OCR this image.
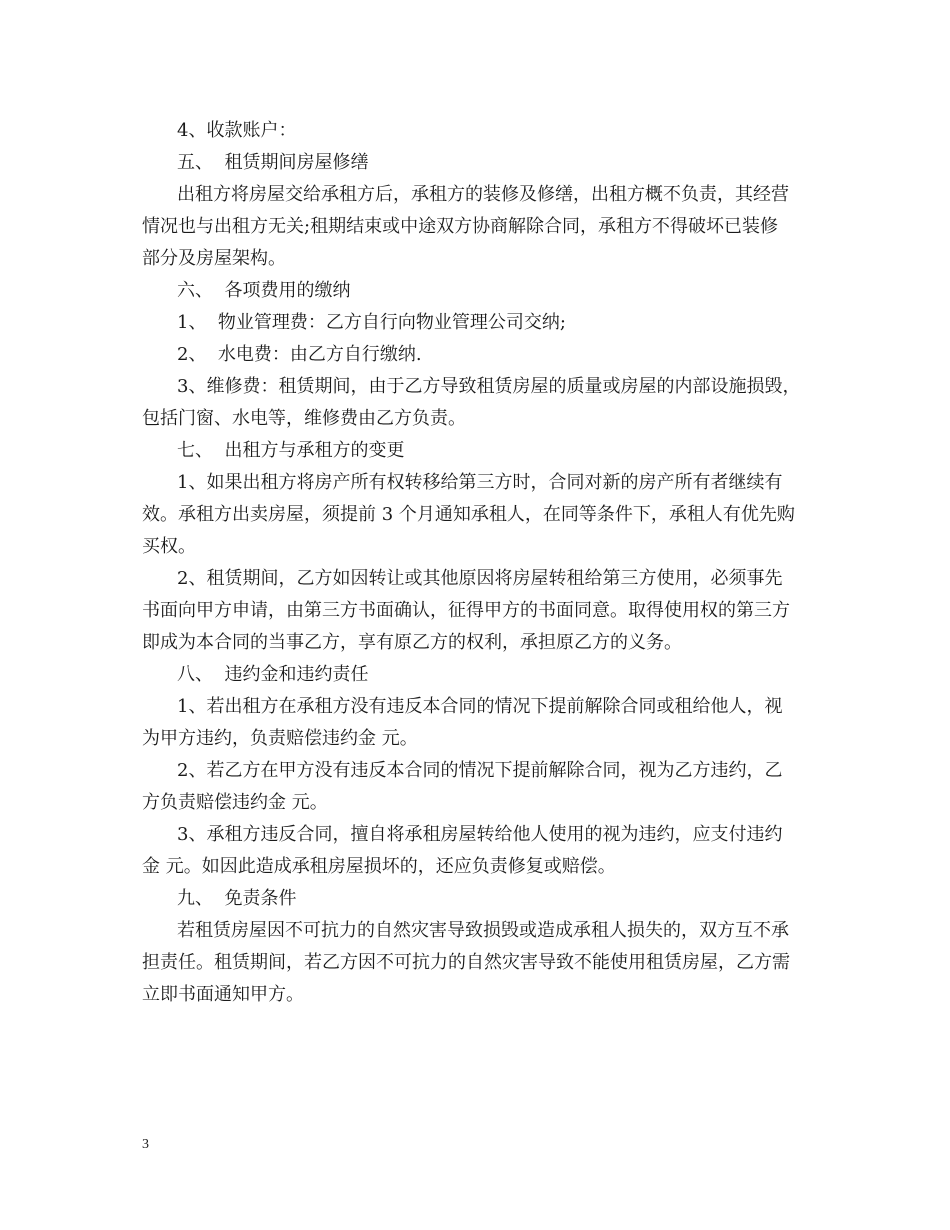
4、收款账户：
五、  租赁期间房屋修缮
出租方将房屋交给承租方后，承租方的装修及修缮，出租方概不负责，其经营
情况也与出租方无关;租期结束或中途双方协商解除合同，承租方不得破坏已装修
部分及房屋架构。
六、  各项费用的缴纳
1、  物业管理费：乙方自行向物业管理公司交纳;
2、  水电费：由乙方自行缴纳.
3、维修费：租赁期间，由于乙方导致租赁房屋的质量或房屋的内部设施损毁，
包括门窗、水电等，维修费由乙方负责。
七、  出租方与承租方的变更
1、如果出租方将房产所有权转移给第三方时，合同对新的房产所有者继续有
效。承租方出卖房屋，须提前 3 个月通知承租人，在同等条件下，承租人有优先购
买权。
2、租赁期间，乙方如因转让或其他原因将房屋转租给第三方使用，必须事先
书面向甲方申请，由第三方书面确认，征得甲方的书面同意。取得使用权的第三方
即成为本合同的当事乙方，享有原乙方的权利，承担原乙方的义务。
八、  违约金和违约责任
1、若出租方在承租方没有违反本合同的情况下提前解除合同或租给他人，视
为甲方违约，负责赔偿违约金 元。
2、若乙方在甲方没有违反本合同的情况下提前解除合同，视为乙方违约，乙
方负责赔偿违约金 元。
3、承租方违反合同，擅自将承租房屋转给他人使用的视为违约，应支付违约
金 元。如因此造成承租房屋损坏的，还应负责修复或赔偿。
九、  免责条件
若租赁房屋因不可抗力的自然灾害导致损毁或造成承租人损失的，双方互不承
担责任。租赁期间，若乙方因不可抗力的自然灾害导致不能使用租赁房屋，乙方需
立即书面通知甲方。
3
